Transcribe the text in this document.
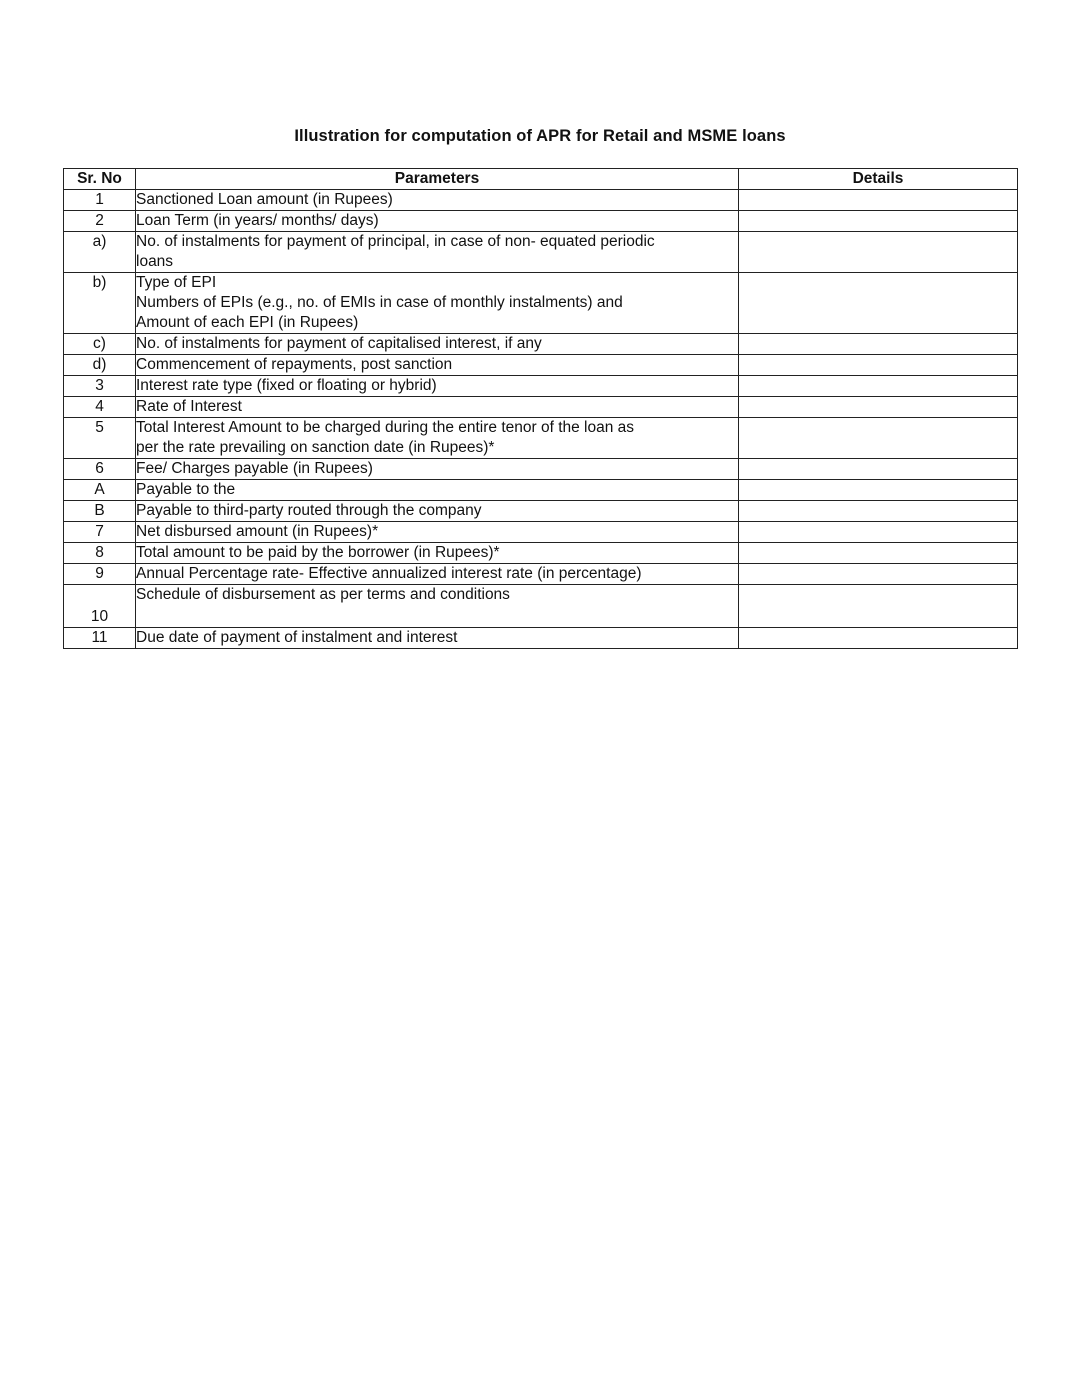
Illustration for computation of APR for Retail and MSME loans
Sr. No	Parameters	Details
1	Sanctioned Loan amount (in Rupees)	
2	Loan Term (in years/ months/ days)	
a)	No. of instalments for payment of principal, in case of non- equated periodic
loans	
b)	Type of EPI
Numbers of EPIs (e.g., no. of EMIs in case of monthly instalments) and
Amount of each EPI (in Rupees)	
c)	No. of instalments for payment of capitalised interest, if any	
d)	Commencement of repayments, post sanction	
3	Interest rate type (fixed or floating or hybrid)	
4	Rate of Interest	
5	Total Interest Amount to be charged during the entire tenor of the loan as
per the rate prevailing on sanction date (in Rupees)*	
6	Fee/ Charges payable (in Rupees)	
A	Payable to the	
B	Payable to third-party routed through the company	
7	Net disbursed amount (in Rupees)*	
8	Total amount to be paid by the borrower (in Rupees)*	
9	Annual Percentage rate- Effective annualized interest rate (in percentage)	
10	Schedule of disbursement as per terms and conditions	
11	Due date of payment of instalment and interest	
